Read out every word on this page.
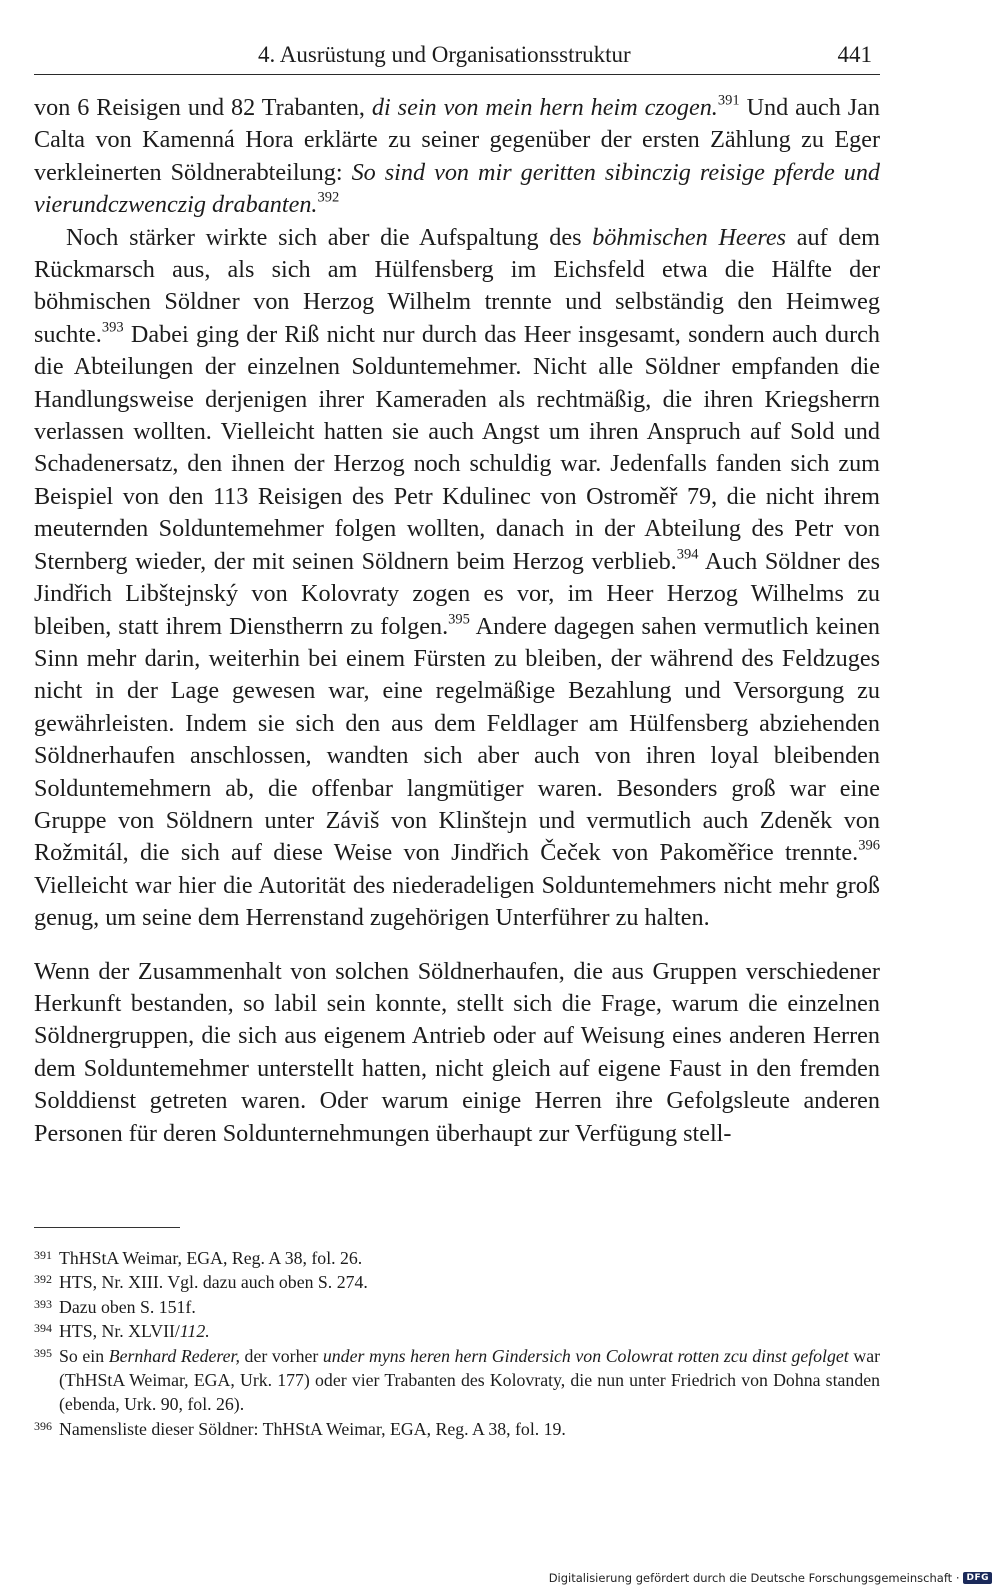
4. Ausrüstung und Organisationsstruktur	441

von 6 Reisigen und 82 Trabanten, di sein von mein hern heim czogen.$^{391}$ Und auch Jan Calta von Kamenná Hora erklärte zu seiner gegenüber der ersten Zählung zu Eger verkleinerten Söldnerabteilung: So sind von mir geritten sibinczig reisige pferde und vierundczwenczig drabanten.$^{392}$

Noch stärker wirkte sich aber die Aufspaltung des böhmischen Heeres auf dem Rückmarsch aus, als sich am Hülfensberg im Eichsfeld etwa die Hälfte der böhmischen Söldner von Herzog Wilhelm trennte und selbständig den Heimweg suchte.$^{393}$ Dabei ging der Riß nicht nur durch das Heer insgesamt, sondern auch durch die Abteilungen der einzelnen Solduntemehmer. Nicht alle Söldner empfanden die Handlungsweise derjenigen ihrer Kameraden als rechtmäßig, die ihren Kriegsherrn verlassen wollten. Vielleicht hatten sie auch Angst um ihren Anspruch auf Sold und Schadenersatz, den ihnen der Herzog noch schuldig war. Jedenfalls fanden sich zum Beispiel von den 113 Reisigen des Petr Kdulinec von Ostroměř 79, die nicht ihrem meuternden Solduntemehmer folgen wollten, danach in der Abteilung des Petr von Sternberg wieder, der mit seinen Söldnern beim Herzog verblieb.$^{394}$ Auch Söldner des Jindřich Libštejnský von Kolovraty zogen es vor, im Heer Herzog Wilhelms zu bleiben, statt ihrem Dienstherrn zu folgen.$^{395}$ Andere dagegen sahen vermutlich keinen Sinn mehr darin, weiterhin bei einem Fürsten zu bleiben, der während des Feldzuges nicht in der Lage gewesen war, eine regelmäßige Bezahlung und Versorgung zu gewährleisten. Indem sie sich den aus dem Feldlager am Hülfensberg abziehenden Söldnerhaufen anschlossen, wandten sich aber auch von ihren loyal bleibenden Solduntemehmern ab, die offenbar langmütiger waren. Besonders groß war eine Gruppe von Söldnern unter Záviš von Klinštejn und vermutlich auch Zdeněk von Rožmitál, die sich auf diese Weise von Jindřich Čeček von Pakoměřice trennte.$^{396}$ Vielleicht war hier die Autorität des niederadeligen Solduntemehmers nicht mehr groß genug, um seine dem Herrenstand zugehörigen Unterführer zu halten.

Wenn der Zusammenhalt von solchen Söldnerhaufen, die aus Gruppen verschiedener Herkunft bestanden, so labil sein konnte, stellt sich die Frage, warum die einzelnen Söldnergruppen, die sich aus eigenem Antrieb oder auf Weisung eines anderen Herren dem Solduntemehmer unterstellt hatten, nicht gleich auf eigene Faust in den fremden Solddienst getreten waren. Oder warum einige Herren ihre Gefolgsleute anderen Personen für deren Soldunternehmungen überhaupt zur Verfügung stell-

391 ThHStA Weimar, EGA, Reg. A 38, fol. 26.
392 HTS, Nr. XIII. Vgl. dazu auch oben S. 274.
393 Dazu oben S. 151f.
394 HTS, Nr. XLVII/112.
395 So ein Bernhard Rederer, der vorher under myns heren hern Gindersich von Colowrat rotten zcu dinst gefolget war (ThHStA Weimar, EGA, Urk. 177) oder vier Trabanten des Kolovraty, die nun unter Friedrich von Dohna standen (ebenda, Urk. 90, fol. 26).
396 Namensliste dieser Söldner: ThHStA Weimar, EGA, Reg. A 38, fol. 19.
Digitalisierung gefördert durch die Deutsche Forschungsgemeinschaft · DFG
